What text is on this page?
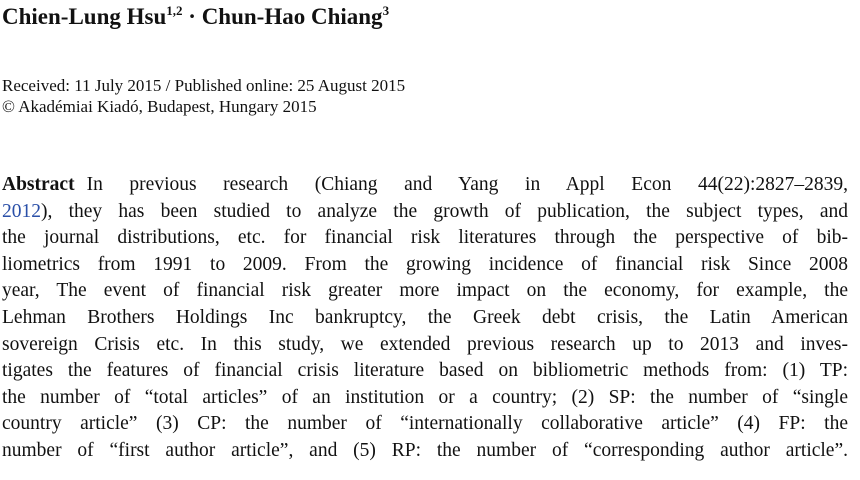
Chien-Lung Hsu$^{1,2}$ · Chun-Hao Chiang$^3$
Received: 11 July 2015 / Published online: 25 August 2015
© Akadémiai Kiadó, Budapest, Hungary 2015
Abstract In previous research (Chiang and Yang in Appl Econ 44(22):2827–2839,
2012), they has been studied to analyze the growth of publication, the subject types, and
the journal distributions, etc. for financial risk literatures through the perspective of bib-
liometrics from 1991 to 2009. From the growing incidence of financial risk Since 2008
year, The event of financial risk greater more impact on the economy, for example, the
Lehman Brothers Holdings Inc bankruptcy, the Greek debt crisis, the Latin American
sovereign Crisis etc. In this study, we extended previous research up to 2013 and inves-
tigates the features of financial crisis literature based on bibliometric methods from: (1) TP:
the number of “total articles” of an institution or a country; (2) SP: the number of “single
country article” (3) CP: the number of “internationally collaborative article” (4) FP: the
number of “first author article”, and (5) RP: the number of “corresponding author article”.
